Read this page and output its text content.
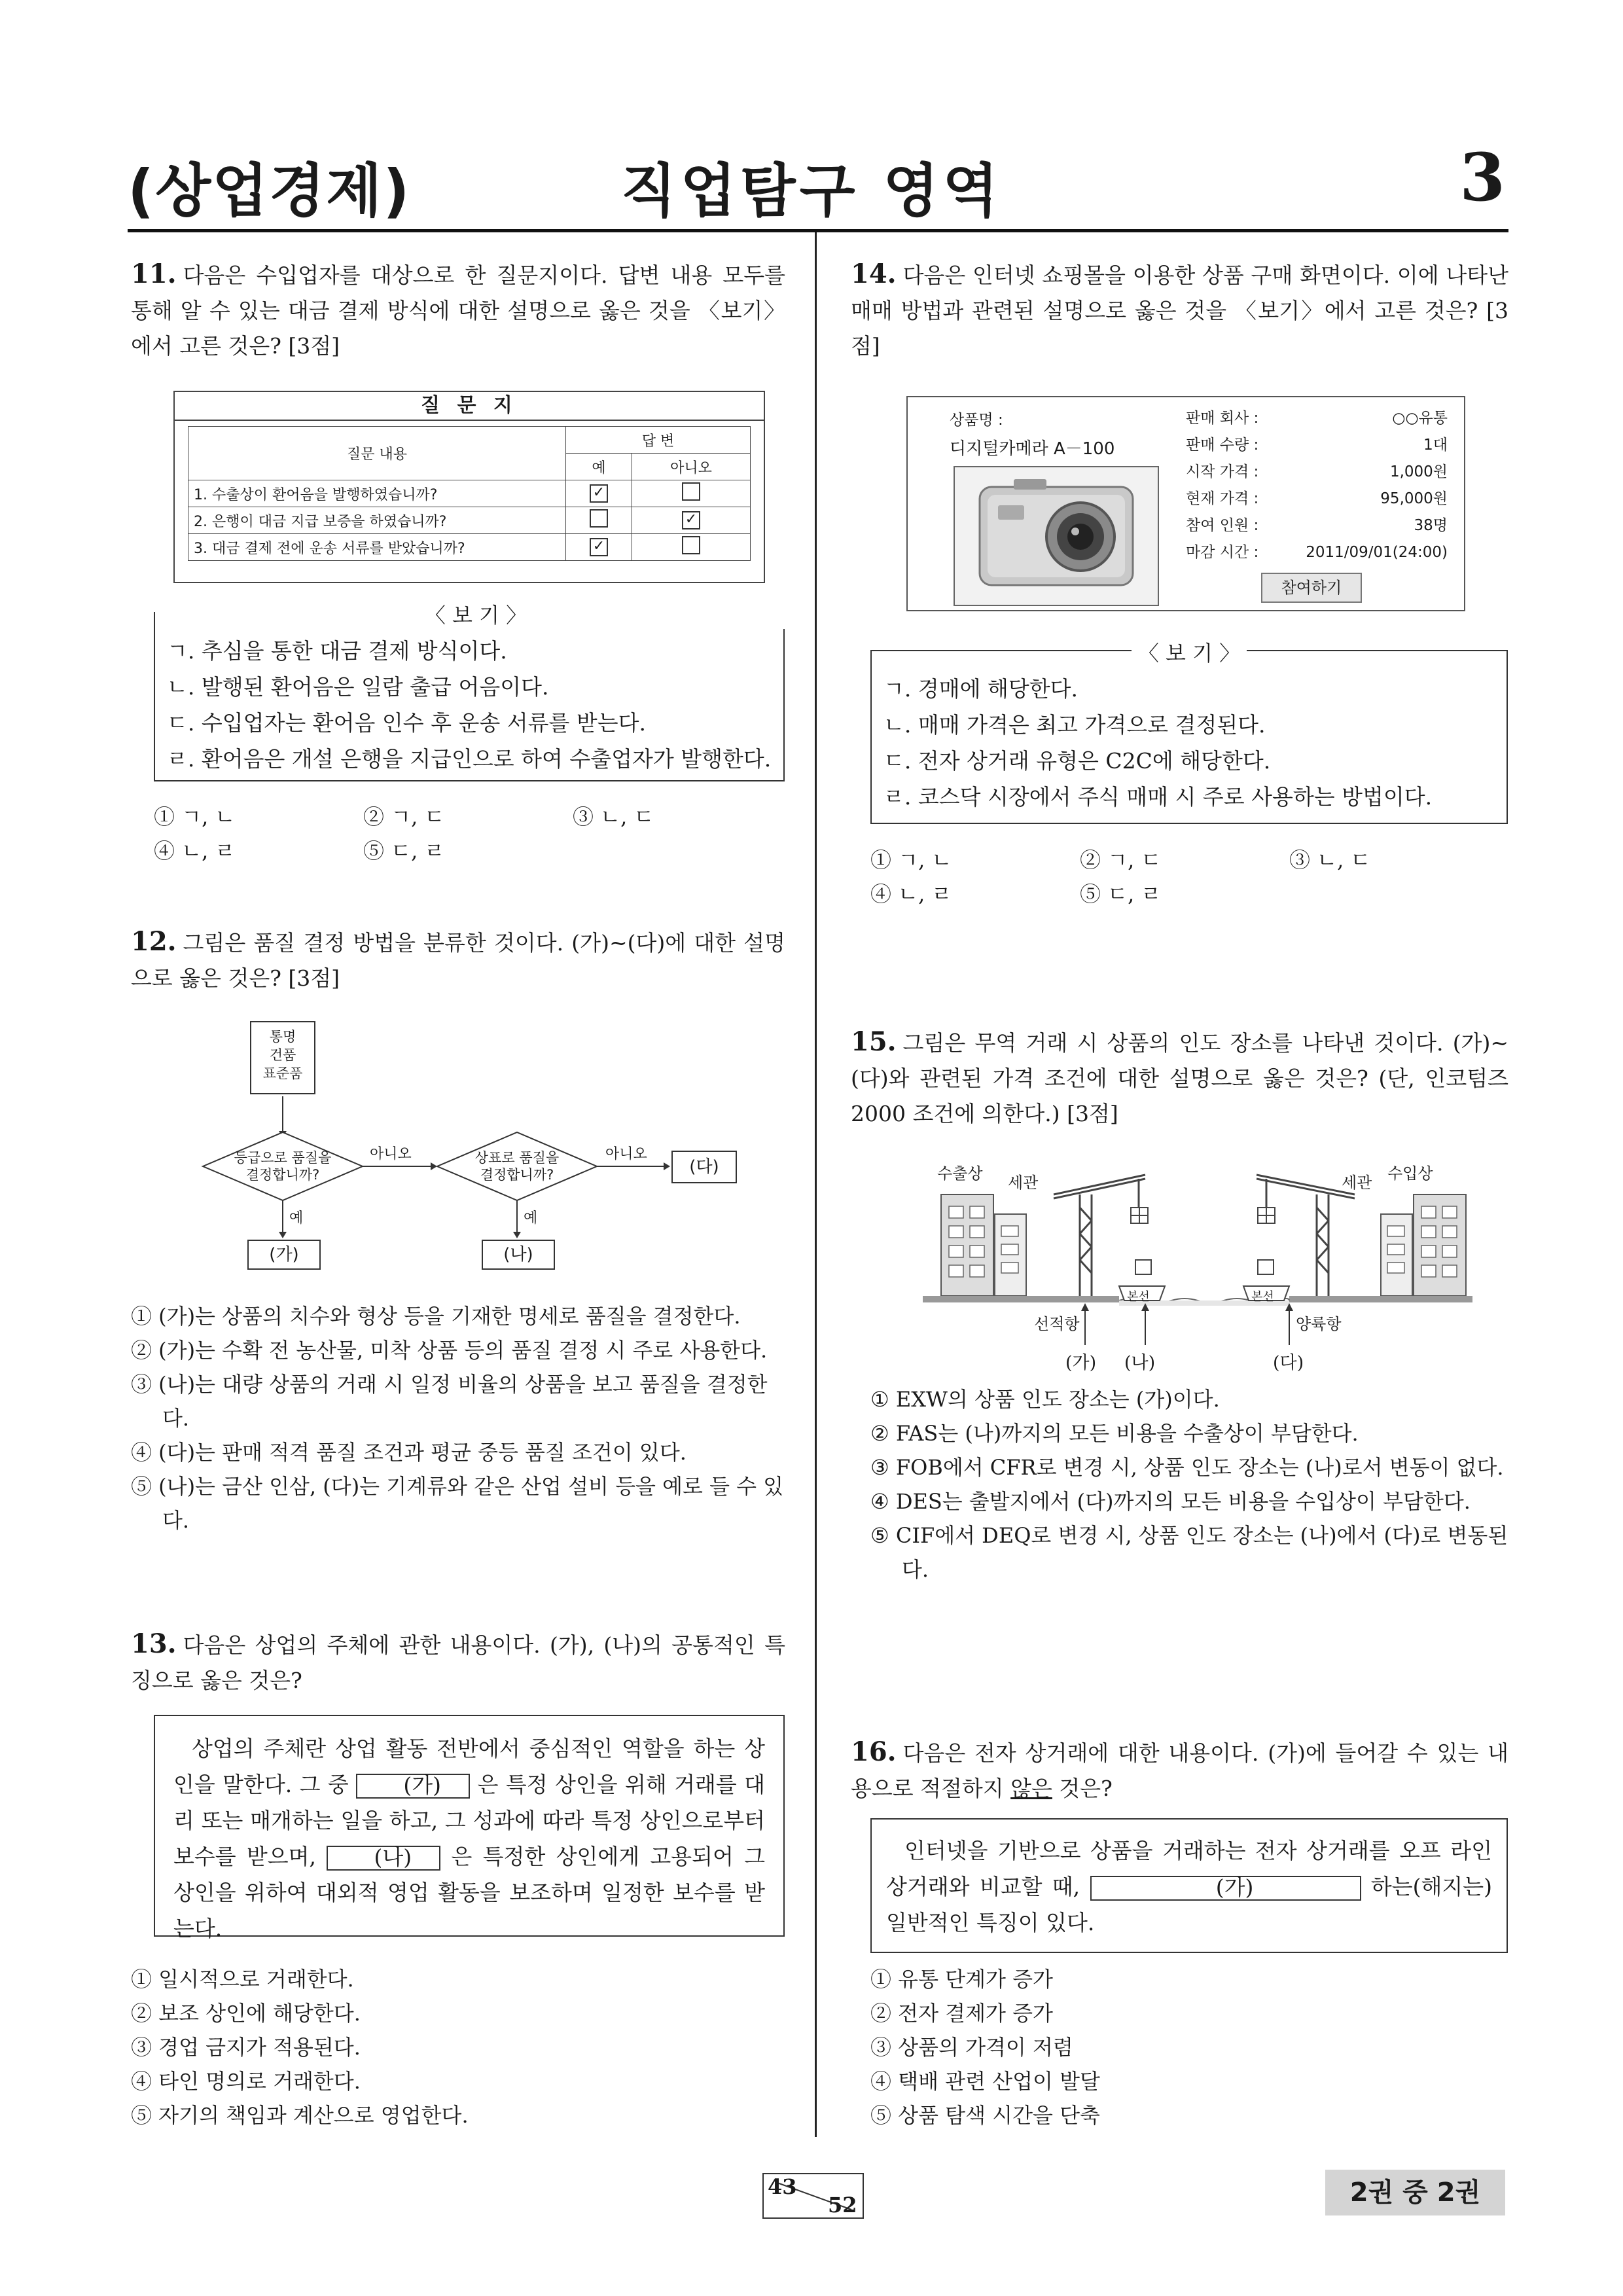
직업탐구 영역
(상업경제)	3
11. 다음은 수입업자를 대상으로 한 질문지이다. 답변 내용 모두를 통해 알 수 있는 대금 결제 방식에 대한 설명으로 옳은 것을 〈보기〉에서 고른 것은? [3점]
질 문 지
질문 내용	답 변	
	예	아니오
1. 수출상이 환어음을 발행하였습니까?	✓	
2. 은행이 대금 지급 보증을 하였습니까?		✓
3. 대금 결제 전에 운송 서류를 받았습니까?	✓	
〈 보 기 〉
ㄱ. 추심을 통한 대금 결제 방식이다.
ㄴ. 발행된 환어음은 일람 출급 어음이다.
ㄷ. 수입업자는 환어음 인수 후 운송 서류를 받는다.
ㄹ. 환어음은 개설 은행을 지급인으로 하여 수출업자가 발행한다.
① ㄱ, ㄴ	② ㄱ, ㄷ	③ ㄴ, ㄷ
④ ㄴ, ㄹ	⑤ ㄷ, ㄹ
12. 그림은 품질 결정 방법을 분류한 것이다. (가)~(다)에 대한 설명으로 옳은 것은? [3점]
통명
건품
표준품
등급으로 품질을
결정합니까?
상표로 품질을
결정합니까?
아니오	아니오
예	예
(가)	(나)
(다)
① (가)는 상품의 치수와 형상 등을 기재한 명세로 품질을 결정한다.
② (가)는 수확 전 농산물, 미착 상품 등의 품질 결정 시 주로 사용한다.
③ (나)는 대량 상품의 거래 시 일정 비율의 상품을 보고 품질을 결정한다.
④ (다)는 판매 적격 품질 조건과 평균 중등 품질 조건이 있다.
⑤ (나)는 금산 인삼, (다)는 기계류와 같은 산업 설비 등을 예로 들 수 있다.
13. 다음은 상업의 주체에 관한 내용이다. (가), (나)의 공통적인 특징으로 옳은 것은?
상업의 주체란 상업 활동 전반에서 중심적인 역할을 하는 상인을 말한다. 그 중	(가) 은 특정 상인을 위해 거래를 대리 또는 매개하는 일을 하고, 그 성과에 따라 특정 상인으로부터 보수를 받으며,	(나) 은 특정한 상인에게 고용되어 그 상인을 위하여 대외적 영업 활동을 보조하며 일정한 보수를 받는다.
① 일시적으로 거래한다.
② 보조 상인에 해당한다.
③ 경업 금지가 적용된다.
④ 타인 명의로 거래한다.
⑤ 자기의 책임과 계산으로 영업한다.
14. 다음은 인터넷 쇼핑몰을 이용한 상품 구매 화면이다. 이에 나타난 매매 방법과 관련된 설명으로 옳은 것을 〈보기〉에서 고른 것은? [3점]
상품명 :
디지털카메라 A－100
판매 회사 :	○○유통
판매 수량 :	1대
시작 가격 :	1,000원
현재 가격 :	95,000원
참여 인원 :	38명
마감 시간 :	2011/09/01(24:00)
참여하기
〈 보 기 〉
ㄱ. 경매에 해당한다.
ㄴ. 매매 가격은 최고 가격으로 결정된다.
ㄷ. 전자 상거래 유형은 C2C에 해당한다.
ㄹ. 코스닥 시장에서 주식 매매 시 주로 사용하는 방법이다.
① ㄱ, ㄴ	② ㄱ, ㄷ	③ ㄴ, ㄷ
④ ㄴ, ㄹ	⑤ ㄷ, ㄹ
15. 그림은 무역 거래 시 상품의 인도 장소를 나타낸 것이다. (가)~(다)와 관련된 가격 조건에 대한 설명으로 옳은 것은? (단, 인코텀즈 2000 조건에 의한다.) [3점]
수출상 세관	세관 수입상
본선	본선
선적항	양륙항
(가) (나)	(다)
① EXW의 상품 인도 장소는 (가)이다.
② FAS는 (나)까지의 모든 비용을 수출상이 부담한다.
③ FOB에서 CFR로 변경 시, 상품 인도 장소는 (나)로서 변동이 없다.
④ DES는 출발지에서 (다)까지의 모든 비용을 수입상이 부담한다.
⑤ CIF에서 DEQ로 변경 시, 상품 인도 장소는 (나)에서 (다)로 변동된다.
16. 다음은 전자 상거래에 대한 내용이다. (가)에 들어갈 수 있는 내용으로 적절하지 않은 것은?
인터넷을 기반으로 상품을 거래하는 전자 상거래를 오프 라인 상거래와 비교할 때,	(가)	하는(해지는) 일반적인 특징이 있다.
① 유통 단계가 증가
② 전자 결제가 증가
③ 상품의 가격이 저렴
④ 택배 관련 산업이 발달
⑤ 상품 탐색 시간을 단축
43
52	2권 중 2권
